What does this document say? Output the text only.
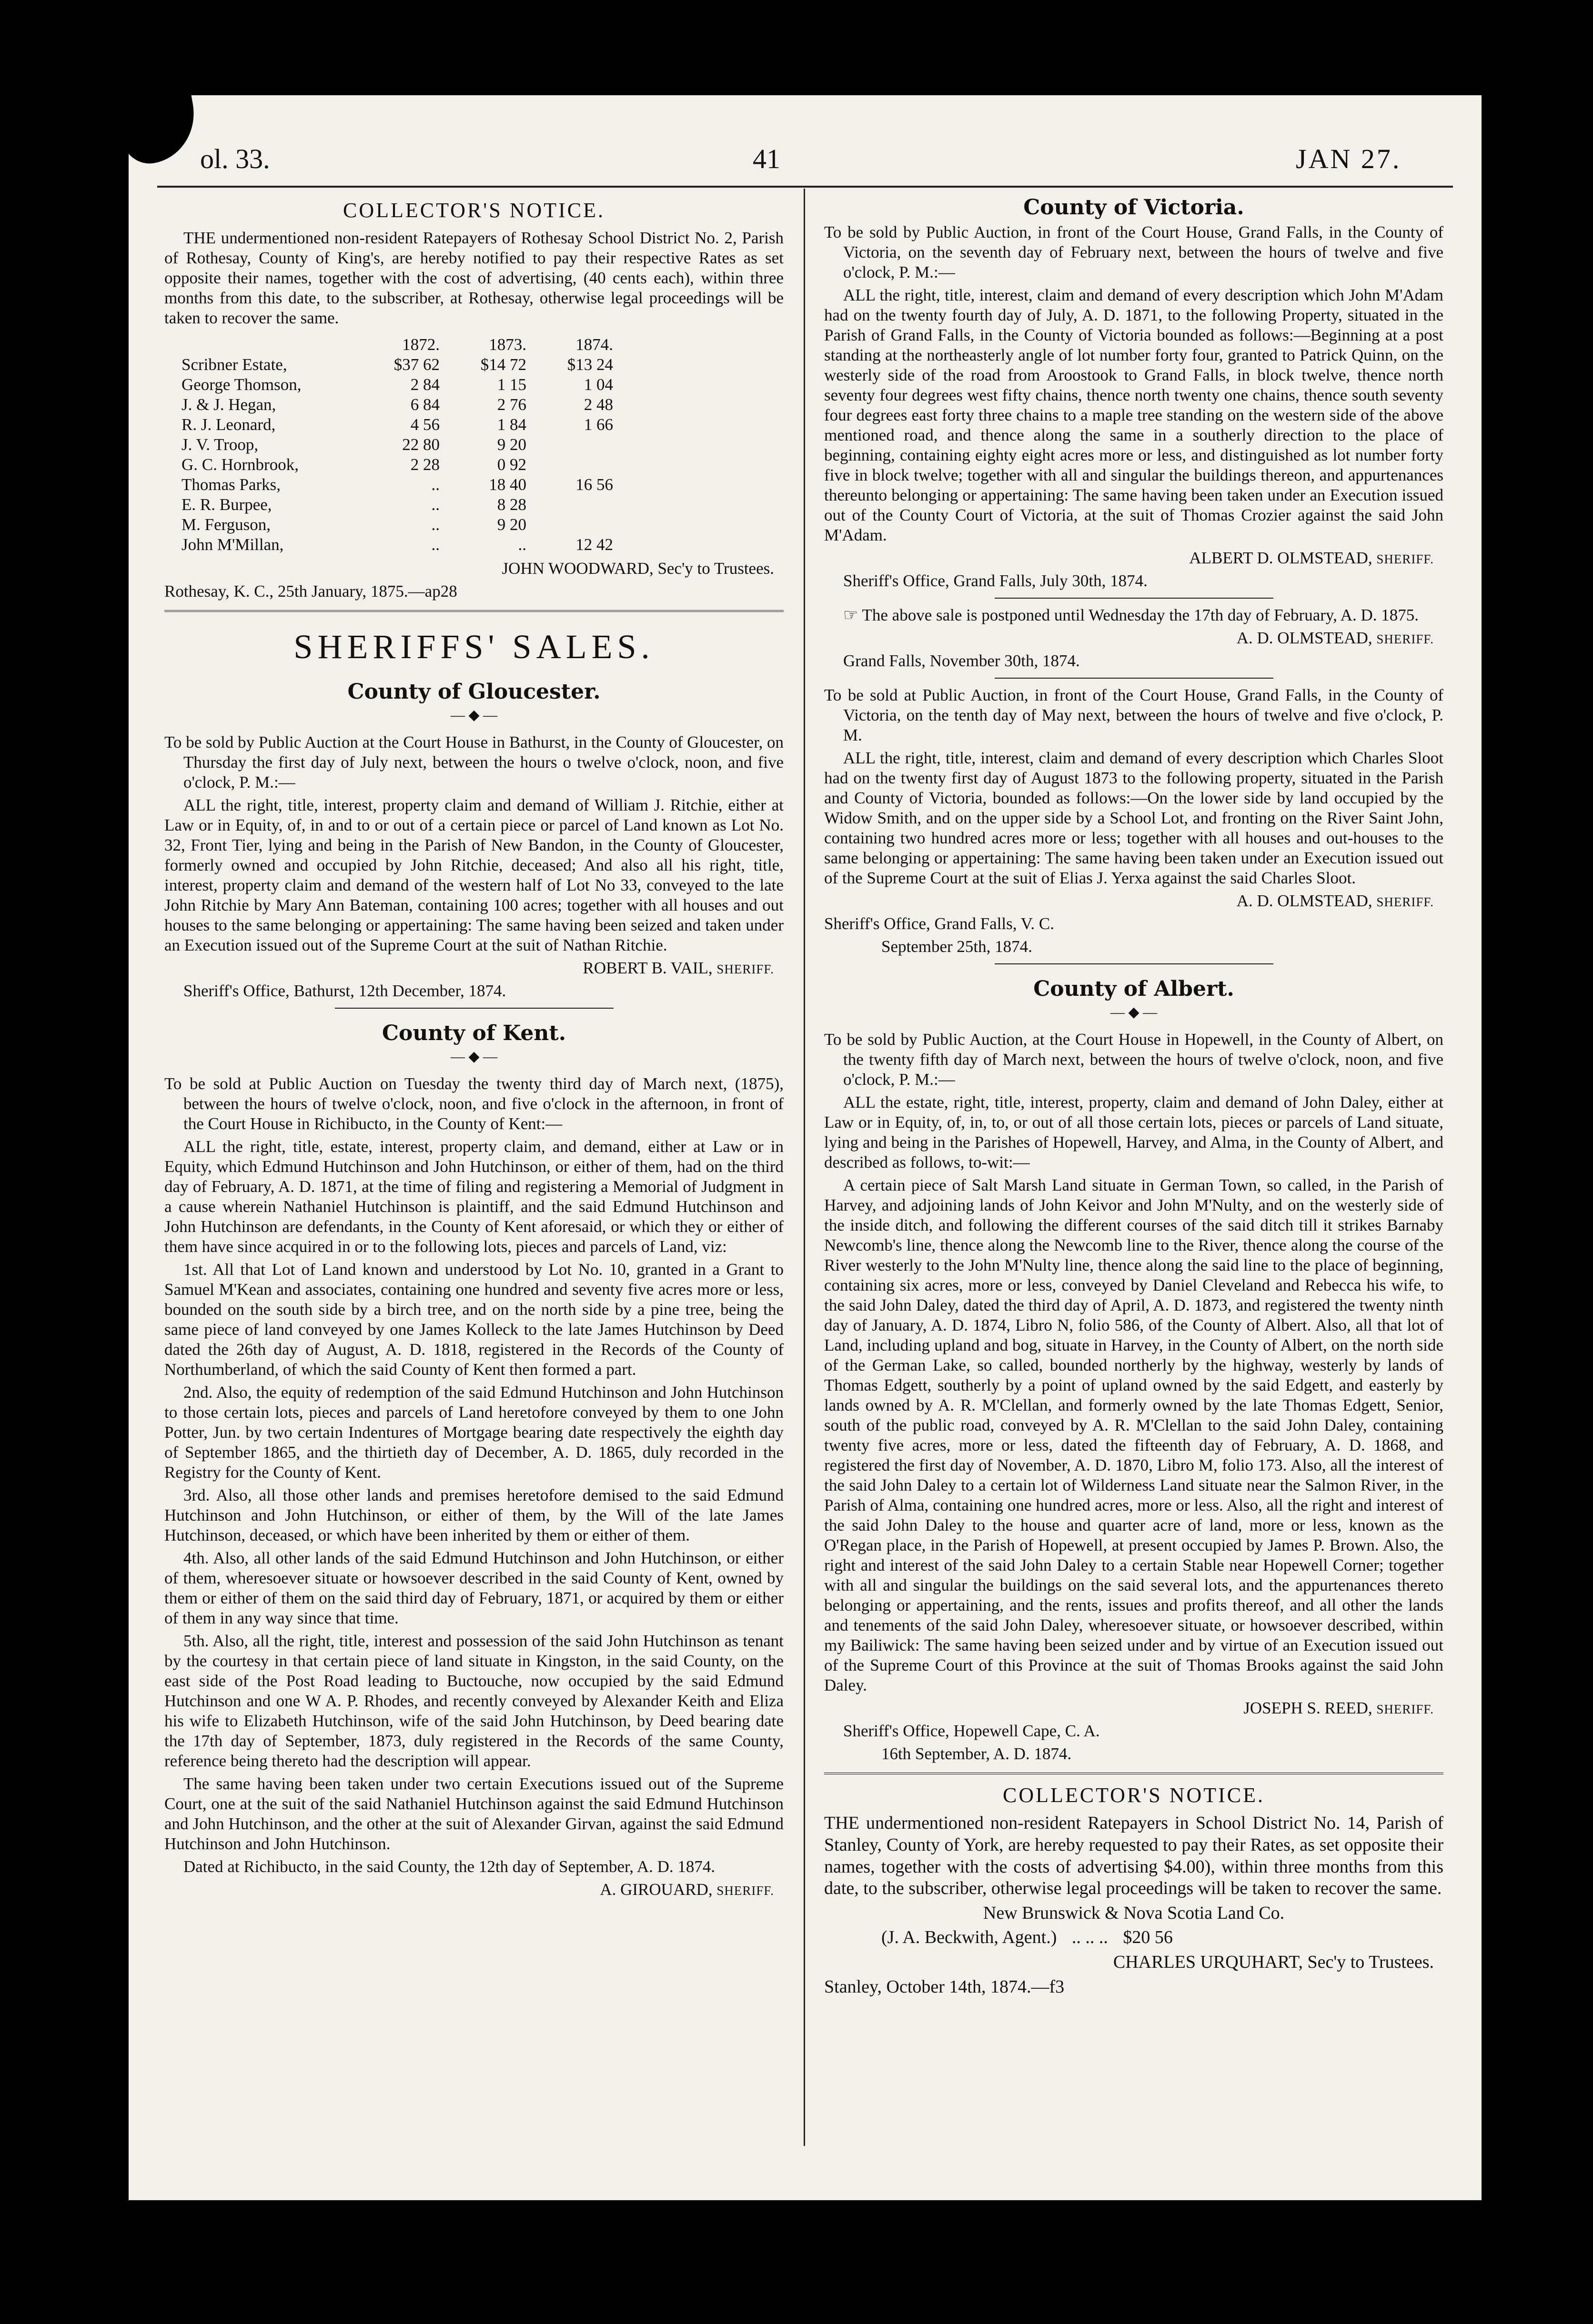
ol. 33.	41	JAN 27.
COLLECTOR'S NOTICE.

THE undermentioned non-resident Ratepayers of Rothesay School District No. 2, Parish of Rothesay, County of King's, are hereby notified to pay their respective Rates as set opposite their names, together with the cost of advertising, (40 cents each), within three months from this date, to the subscriber, at Rothesay, otherwise legal proceedings will be taken to recover the same.

	1872.	1873.	1874.
Scribner Estate,	$37 62	$14 72	$13 24
George Thomson,	2 84	1 15	1 04
J. & J. Hegan,	6 84	2 76	2 48
R. J. Leonard,	4 56	1 84	1 66
J. V. Troop,	22 80	9 20	
G. C. Hornbrook,	2 28	0 92	
Thomas Parks,	..	18 40	16 56
E. R. Burpee,	..	8 28	
M. Ferguson,	..	9 20	
John M'Millan,	..	..	12 42
JOHN WOODWARD, Sec'y to Trustees.

Rothesay, K. C., 25th January, 1875.—ap28

SHERIFFS' SALES.
County of Gloucester.
— ◆ —

To be sold by Public Auction at the Court House in Bathurst, in the County of Gloucester, on Thursday the first day of July next, between the hours o twelve o'clock, noon, and five o'clock, P. M.:—

ALL the right, title, interest, property claim and demand of William J. Ritchie, either at Law or in Equity, of, in and to or out of a certain piece or parcel of Land known as Lot No. 32, Front Tier, lying and being in the Parish of New Bandon, in the County of Gloucester, formerly owned and occupied by John Ritchie, deceased; And also all his right, title, interest, property claim and demand of the western half of Lot No 33, conveyed to the late John Ritchie by Mary Ann Bateman, containing 100 acres; together with all houses and out houses to the same belonging or appertaining: The same having been seized and taken under an Execution issued out of the Supreme Court at the suit of Nathan Ritchie.

ROBERT B. VAIL, SHERIFF.

Sheriff's Office, Bathurst, 12th December, 1874.

County of Kent.
— ◆ —

To be sold at Public Auction on Tuesday the twenty third day of March next, (1875), between the hours of twelve o'clock, noon, and five o'clock in the afternoon, in front of the Court House in Richibucto, in the County of Kent:—

ALL the right, title, estate, interest, property claim, and demand, either at Law or in Equity, which Edmund Hutchinson and John Hutchinson, or either of them, had on the third day of February, A. D. 1871, at the time of filing and registering a Memorial of Judgment in a cause wherein Nathaniel Hutchinson is plaintiff, and the said Edmund Hutchinson and John Hutchinson are defendants, in the County of Kent aforesaid, or which they or either of them have since acquired in or to the following lots, pieces and parcels of Land, viz:

1st. All that Lot of Land known and understood by Lot No. 10, granted in a Grant to Samuel M'Kean and associates, containing one hundred and seventy five acres more or less, bounded on the south side by a birch tree, and on the north side by a pine tree, being the same piece of land conveyed by one James Kolleck to the late James Hutchinson by Deed dated the 26th day of August, A. D. 1818, registered in the Records of the County of Northumberland, of which the said County of Kent then formed a part.

2nd. Also, the equity of redemption of the said Edmund Hutchinson and John Hutchinson to those certain lots, pieces and parcels of Land heretofore conveyed by them to one John Potter, Jun. by two certain Indentures of Mortgage bearing date respectively the eighth day of September 1865, and the thirtieth day of December, A. D. 1865, duly recorded in the Registry for the County of Kent.

3rd. Also, all those other lands and premises heretofore demised to the said Edmund Hutchinson and John Hutchinson, or either of them, by the Will of the late James Hutchinson, deceased, or which have been inherited by them or either of them.

4th. Also, all other lands of the said Edmund Hutchinson and John Hutchinson, or either of them, wheresoever situate or howsoever described in the said County of Kent, owned by them or either of them on the said third day of February, 1871, or acquired by them or either of them in any way since that time.

5th. Also, all the right, title, interest and possession of the said John Hutchinson as tenant by the courtesy in that certain piece of land situate in Kingston, in the said County, on the east side of the Post Road leading to Buctouche, now occupied by the said Edmund Hutchinson and one W A. P. Rhodes, and recently conveyed by Alexander Keith and Eliza his wife to Elizabeth Hutchinson, wife of the said John Hutchinson, by Deed bearing date the 17th day of September, 1873, duly registered in the Records of the same County, reference being thereto had the description will appear.

The same having been taken under two certain Executions issued out of the Supreme Court, one at the suit of the said Nathaniel Hutchinson against the said Edmund Hutchinson and John Hutchinson, and the other at the suit of Alexander Girvan, against the said Edmund Hutchinson and John Hutchinson.

Dated at Richibucto, in the said County, the 12th day of September, A. D. 1874.

A. GIROUARD, SHERIFF.
County of Victoria.

To be sold by Public Auction, in front of the Court House, Grand Falls, in the County of Victoria, on the seventh day of February next, between the hours of twelve and five o'clock, P. M.:—

ALL the right, title, interest, claim and demand of every description which John M'Adam had on the twenty fourth day of July, A. D. 1871, to the following Property, situated in the Parish of Grand Falls, in the County of Victoria bounded as follows:—Beginning at a post standing at the northeasterly angle of lot number forty four, granted to Patrick Quinn, on the westerly side of the road from Aroostook to Grand Falls, in block twelve, thence north seventy four degrees west fifty chains, thence north twenty one chains, thence south seventy four degrees east forty three chains to a maple tree standing on the western side of the above mentioned road, and thence along the same in a southerly direction to the place of beginning, containing eighty eight acres more or less, and distinguished as lot number forty five in block twelve; together with all and singular the buildings thereon, and appurtenances thereunto belonging or appertaining: The same having been taken under an Execution issued out of the County Court of Victoria, at the suit of Thomas Crozier against the said John M'Adam.

ALBERT D. OLMSTEAD, SHERIFF.

Sheriff's Office, Grand Falls, July 30th, 1874.

☞ The above sale is postponed until Wednesday the 17th day of February, A. D. 1875.

A. D. OLMSTEAD, SHERIFF.

Grand Falls, November 30th, 1874.

To be sold at Public Auction, in front of the Court House, Grand Falls, in the County of Victoria, on the tenth day of May next, between the hours of twelve and five o'clock, P. M.

ALL the right, title, interest, claim and demand of every description which Charles Sloot had on the twenty first day of August 1873 to the following property, situated in the Parish and County of Victoria, bounded as follows:—On the lower side by land occupied by the Widow Smith, and on the upper side by a School Lot, and fronting on the River Saint John, containing two hundred acres more or less; together with all houses and out-houses to the same belonging or appertaining: The same having been taken under an Execution issued out of the Supreme Court at the suit of Elias J. Yerxa against the said Charles Sloot.

A. D. OLMSTEAD, SHERIFF.

Sheriff's Office, Grand Falls, V. C.

September 25th, 1874.

County of Albert.
— ◆ —

To be sold by Public Auction, at the Court House in Hopewell, in the County of Albert, on the twenty fifth day of March next, between the hours of twelve o'clock, noon, and five o'clock, P. M.:—

ALL the estate, right, title, interest, property, claim and demand of John Daley, either at Law or in Equity, of, in, to, or out of all those certain lots, pieces or parcels of Land situate, lying and being in the Parishes of Hopewell, Harvey, and Alma, in the County of Albert, and described as follows, to-wit:—

A certain piece of Salt Marsh Land situate in German Town, so called, in the Parish of Harvey, and adjoining lands of John Keivor and John M'Nulty, and on the westerly side of the inside ditch, and following the different courses of the said ditch till it strikes Barnaby Newcomb's line, thence along the Newcomb line to the River, thence along the course of the River westerly to the John M'Nulty line, thence along the said line to the place of beginning, containing six acres, more or less, conveyed by Daniel Cleveland and Rebecca his wife, to the said John Daley, dated the third day of April, A. D. 1873, and registered the twenty ninth day of January, A. D. 1874, Libro N, folio 586, of the County of Albert. Also, all that lot of Land, including upland and bog, situate in Harvey, in the County of Albert, on the north side of the German Lake, so called, bounded northerly by the highway, westerly by lands of Thomas Edgett, southerly by a point of upland owned by the said Edgett, and easterly by lands owned by A. R. M'Clellan, and formerly owned by the late Thomas Edgett, Senior, south of the public road, conveyed by A. R. M'Clellan to the said John Daley, containing twenty five acres, more or less, dated the fifteenth day of February, A. D. 1868, and registered the first day of November, A. D. 1870, Libro M, folio 173. Also, all the interest of the said John Daley to a certain lot of Wilderness Land situate near the Salmon River, in the Parish of Alma, containing one hundred acres, more or less. Also, all the right and interest of the said John Daley to the house and quarter acre of land, more or less, known as the O'Regan place, in the Parish of Hopewell, at present occupied by James P. Brown. Also, the right and interest of the said John Daley to a certain Stable near Hopewell Corner; together with all and singular the buildings on the said several lots, and the appurtenances thereto belonging or appertaining, and the rents, issues and profits thereof, and all other the lands and tenements of the said John Daley, wheresoever situate, or howsoever described, within my Bailiwick: The same having been seized under and by virtue of an Execution issued out of the Supreme Court of this Province at the suit of Thomas Brooks against the said John Daley.

JOSEPH S. REED, SHERIFF.

Sheriff's Office, Hopewell Cape, C. A.

16th September, A. D. 1874.

COLLECTOR'S NOTICE.

THE undermentioned non-resident Ratepayers in School District No. 14, Parish of Stanley, County of York, are hereby requested to pay their Rates, as set opposite their names, together with the costs of advertising $4.00), within three months from this date, to the subscriber, otherwise legal proceedings will be taken to recover the same.

New Brunswick & Nova Scotia Land Co.

(J. A. Beckwith, Agent.) .. .. .. $20 56

CHARLES URQUHART, Sec'y to Trustees.

Stanley, October 14th, 1874.—f3
